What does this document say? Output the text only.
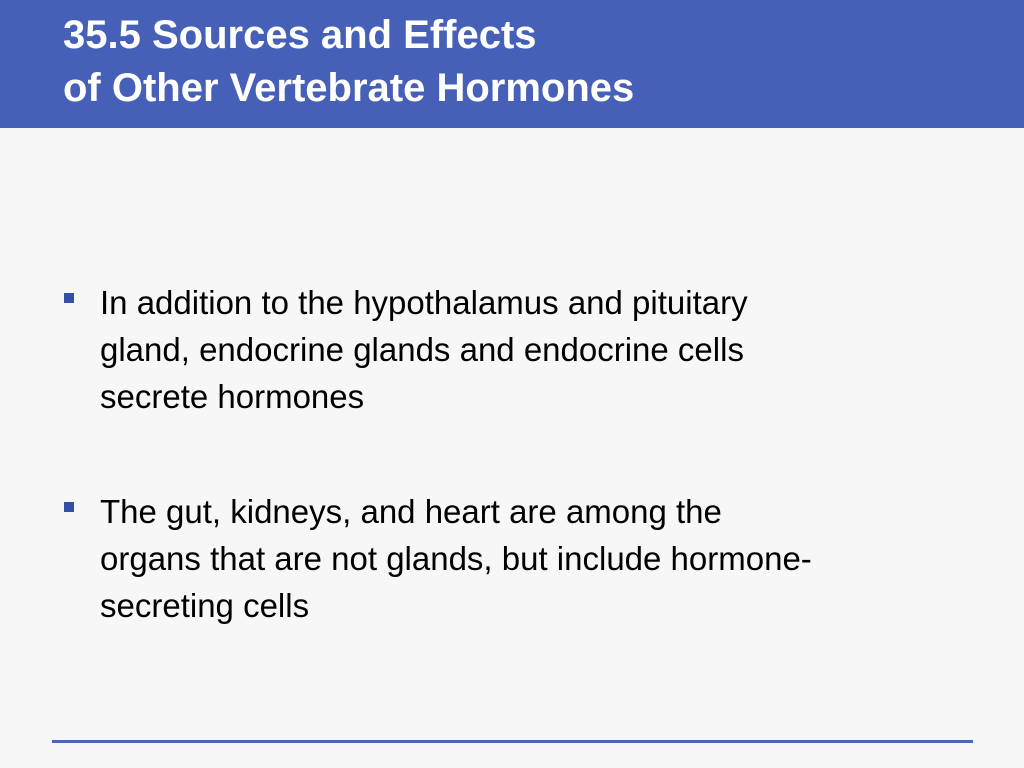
35.5 Sources and Effects
of Other Vertebrate Hormones
In addition to the hypothalamus and pituitary
gland, endocrine glands and endocrine cells
secrete hormones
The gut, kidneys, and heart are among the
organs that are not glands, but include hormone-
secreting cells
